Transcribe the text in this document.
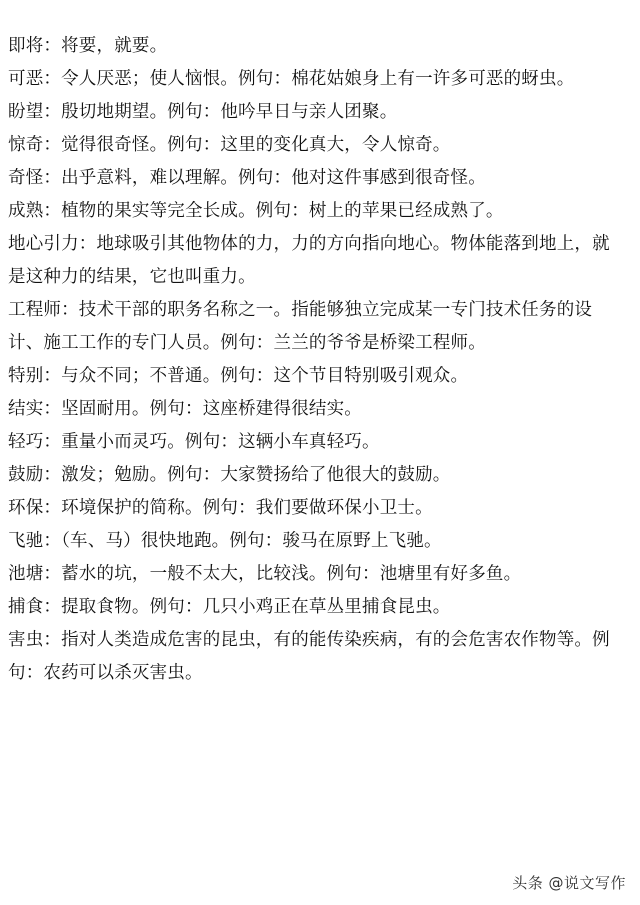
即将：将要，就要。

可恶：令人厌恶；使人恼恨。例句：棉花姑娘身上有一许多可恶的蚜虫。

盼望：殷切地期望。例句：他吟早日与亲人团聚。

惊奇：觉得很奇怪。例句：这里的变化真大，令人惊奇。

奇怪：出乎意料，难以理解。例句：他对这件事感到很奇怪。

成熟：植物的果实等完全长成。例句：树上的苹果已经成熟了。

地心引力：地球吸引其他物体的力，力的方向指向地心。物体能落到地上，就是这种力的结果，它也叫重力。

工程师：技术干部的职务名称之一。指能够独立完成某一专门技术任务的设计、施工工作的专门人员。例句：兰兰的爷爷是桥梁工程师。

特别：与众不同；不普通。例句：这个节目特别吸引观众。

结实：坚固耐用。例句：这座桥建得很结实。

轻巧：重量小而灵巧。例句：这辆小车真轻巧。

鼓励：激发；勉励。例句：大家赞扬给了他很大的鼓励。

环保：环境保护的简称。例句：我们要做环保小卫士。

飞驰：（车、马）很快地跑。例句：骏马在原野上飞驰。

池塘：蓄水的坑，一般不太大，比较浅。例句：池塘里有好多鱼。

捕食：提取食物。例句：几只小鸡正在草丛里捕食昆虫。

害虫：指对人类造成危害的昆虫，有的能传染疾病，有的会危害农作物等。例句：农药可以杀灭害虫。

头条 @说文写作
